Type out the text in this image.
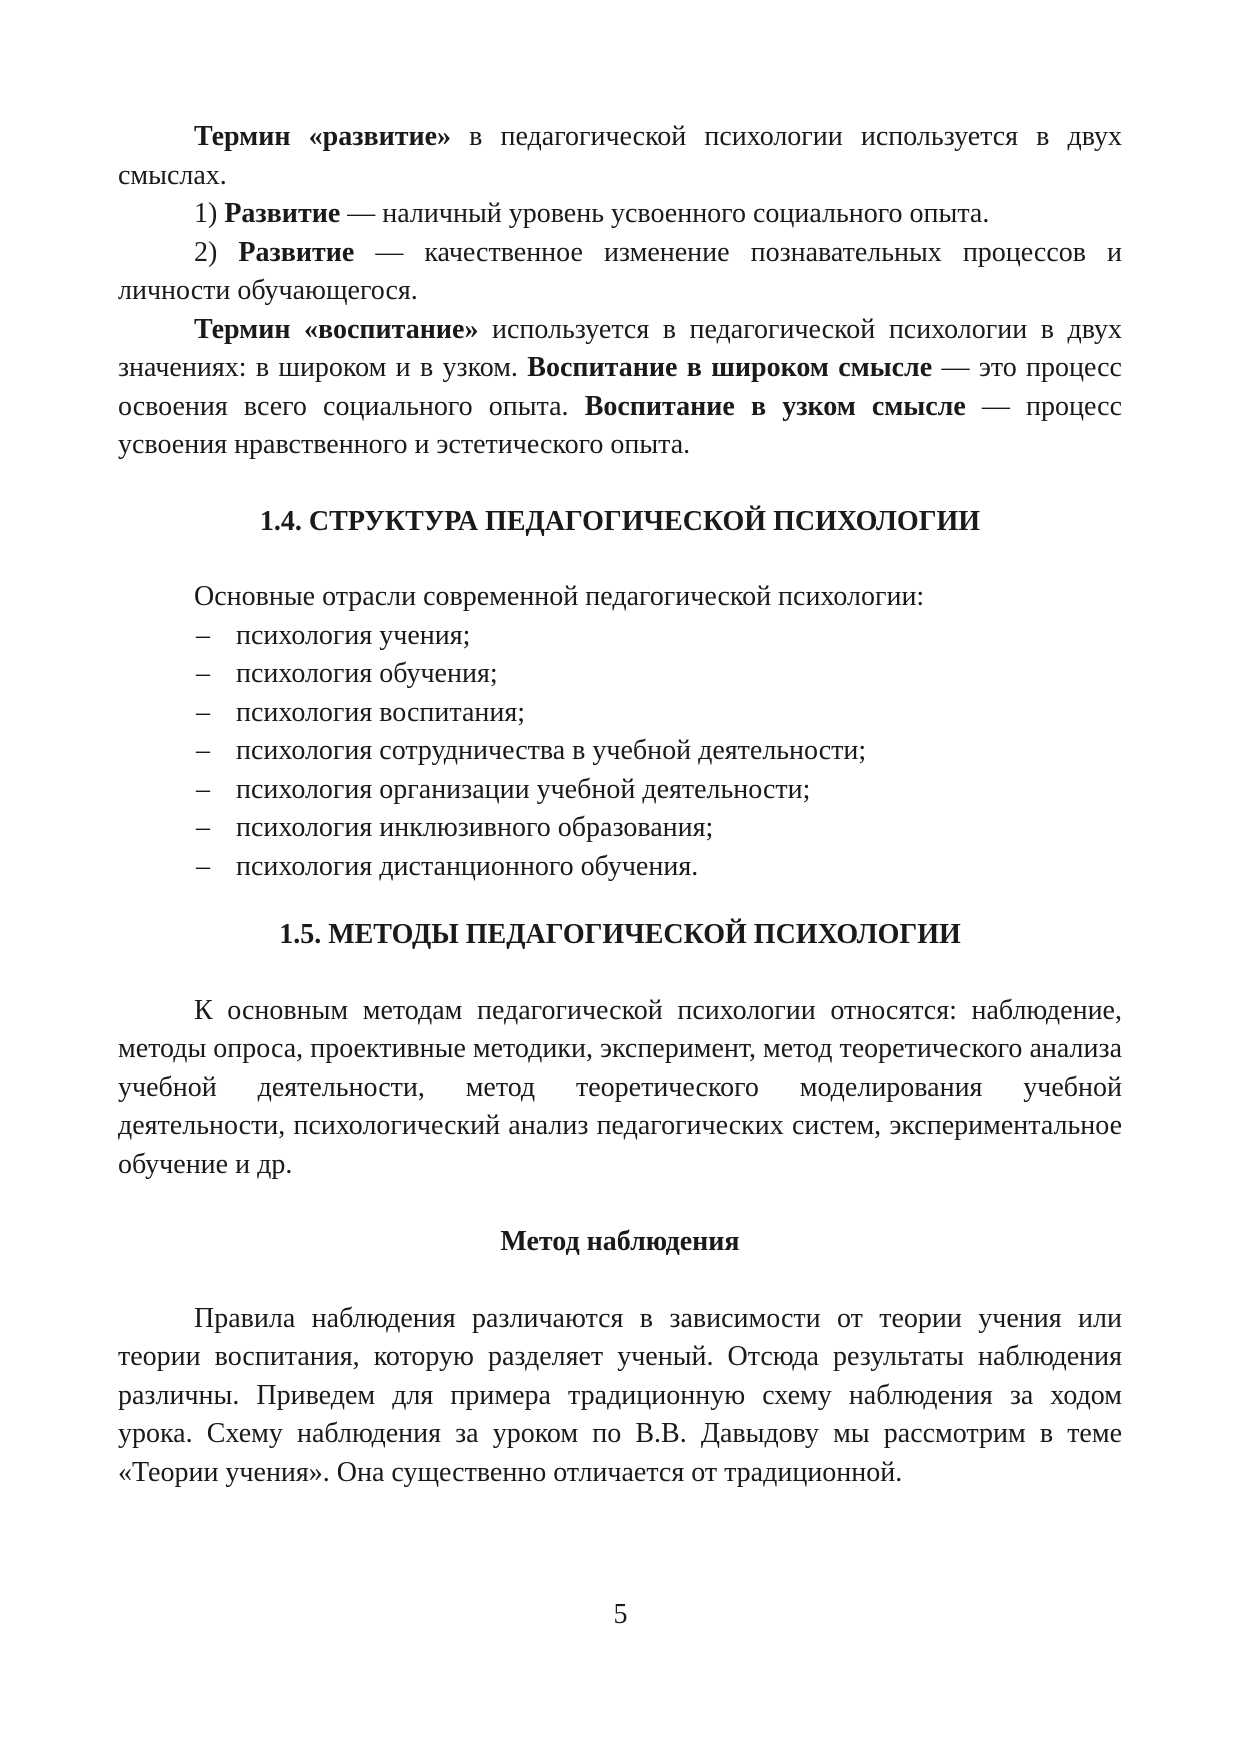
Термин «развитие» в педагогической психологии используется в двух смыслах.

1) Развитие — наличный уровень усвоенного социального опыта.

2) Развитие — качественное изменение познавательных процессов и личности обучающегося.

Термин «воспитание» используется в педагогической психологии в двух значениях: в широком и в узком. Воспитание в широком смысле — это процесс освоения всего социального опыта. Воспитание в узком смысле — процесс усвоения нравственного и эстетического опыта.

1.4. СТРУКТУРА ПЕДАГОГИЧЕСКОЙ ПСИХОЛОГИИ

Основные отрасли современной педагогической психологии:

– психология учения;
– психология обучения;
– психология воспитания;
– психология сотрудничества в учебной деятельности;
– психология организации учебной деятельности;
– психология инклюзивного образования;
– психология дистанционного обучения.
1.5. МЕТОДЫ ПЕДАГОГИЧЕСКОЙ ПСИХОЛОГИИ

К основным методам педагогической психологии относятся: наблюдение, методы опроса, проективные методики, эксперимент, метод теоретического анализа учебной деятельности, метод теоретического моделирования учебной деятельности, психологический анализ педагогических систем, экспериментальное обучение и др.

Метод наблюдения

Правила наблюдения различаются в зависимости от теории учения или теории воспитания, которую разделяет ученый. Отсюда результаты наблюдения различны. Приведем для примера традиционную схему наблюдения за ходом урока. Схему наблюдения за уроком по В.В. Давыдову мы рассмотрим в теме «Теории учения». Она существенно отличается от традиционной.

5
